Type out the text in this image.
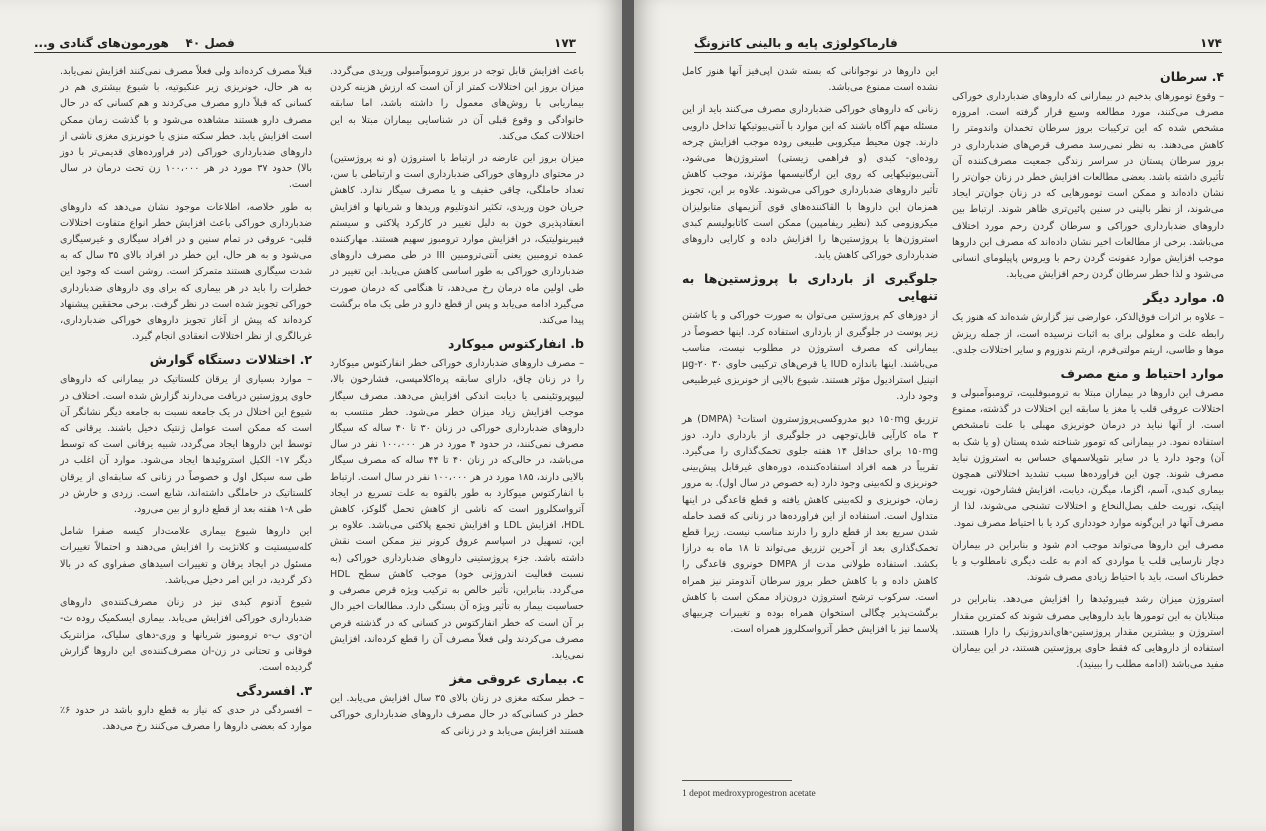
۱۷۳
فصل ۴۰    هورمون‌های گنادی و...

باعث افزایش قابل توجه در بروز ترومبوآمبولی وریدی می‌گردد. میزان بروز این اختلالات کمتر از آن است که ارزش هزینه کردن بیماریابی با روش‌های معمول را داشته باشد، اما سابقه خانوادگی و وقوع قبلی آن در شناسایی بیماران مبتلا به این اختلالات کمک می‌کند.

میزان بروز این عارضه در ارتباط با استروژن (و نه پروژستین) در محتوای داروهای خوراکی ضدبارداری است و ارتباطی با سن، تعداد حاملگی، چاقی خفیف و یا مصرف سیگار ندارد. کاهش جریان خون وریدی، تکثیر اندوتلیوم وریدها و شریانها و افزایش انعقادپذیری خون به دلیل تغییر در کارکرد پلاکتی و سیستم فیبرینولیتیک، در افزایش موارد ترومبوز سهیم هستند. مهارکننده عمده ترومبین یعنی آنتی‌ترومبین III در طی مصرف داروهای ضدبارداری خوراکی به طور اساسی کاهش می‌یابد. این تغییر در طی اولین ماه درمان رخ می‌دهد، تا هنگامی که درمان صورت می‌گیرد ادامه می‌یابد و پس از قطع دارو در طی یک ماه برگشت پیدا می‌کند.

b. انفارکتوس میوکارد

– مصرف داروهای ضدبارداری خوراکی خطر انفارکتوس میوکارد را در زنان چاق، دارای سابقه پره‌اکلامپسی، فشارخون بالا، لیپوپروتئینمی یا دیابت اندکی افزایش می‌دهد. مصرف سیگار موجب افزایش زیاد میزان خطر می‌شود. خطر منتسب به داروهای ضدبارداری خوراکی در زنان ۳۰ تا ۴۰ ساله که سیگار مصرف نمی‌کنند، در حدود ۴ مورد در هر ۱۰۰،۰۰۰ نفر در سال می‌باشد، در حالی‌که در زنان ۴۰ تا ۴۴ ساله که مصرف سیگار بالایی دارند، ۱۸۵ مورد در هر ۱۰۰،۰۰۰ نفر در سال است. ارتباط با انفارکتوس میوکارد به طور بالقوه به علت تسریع در ایجاد آترواسکلروز است که ناشی از کاهش تحمل گلوکز، کاهش HDL، افزایش LDL و افزایش تجمع پلاکتی می‌باشد. علاوه بر این، تسهیل در اسپاسم عروق کرونر نیز ممکن است نقش داشته باشد. جزء پروژستینی داروهای ضدبارداری خوراکی (به نسبت فعالیت اندروژنی خود) موجب کاهش سطح HDL می‌گردد. بنابراین، تأثیر خالص به ترکیب ویژه قرص مصرفی و حساسیت بیمار به تأثیر ویژه آن بستگی دارد. مطالعات اخیر دال بر آن است که خطر انفارکتوس در کسانی که در گذشته قرص مصرف می‌کردند ولی فعلاً مصرف آن را قطع کرده‌اند، افزایش نمی‌یابد.

c. بیماری عروقی مغز

– خطر سکته مغزی در زنان بالای ۳۵ سال افزایش می‌یابد. این خطر در کسانی‌که در حال مصرف داروهای ضدبارداری خوراکی هستند افزایش می‌یابد و در زنانی که

قبلاً مصرف کرده‌اند ولی فعلاً مصرف نمی‌کنند افزایش نمی‌یابد. به هر حال، خونریزی زیر عنکبوتیه، با شیوع بیشتری هم در کسانی که قبلاً دارو مصرف می‌کردند و هم کسانی که در حال مصرف دارو هستند مشاهده می‌شود و با گذشت زمان ممکن است افزایش یابد. خطر سکته منزی یا خونریزی مغزی ناشی از داروهای ضدبارداری خوراکی (در فراورده‌های قدیمی‌تر با دوز بالا) حدود ۳۷ مورد در هر ۱۰۰،۰۰۰ زن تحت درمان در سال است.

به طور خلاصه، اطلاعات موجود نشان می‌دهد که داروهای ضدبارداری خوراکی باعث افزایش خطر انواع متفاوت اختلالات قلبی- عروقی در تمام سنین و در افراد سیگاری و غیرسیگاری می‌شود و به هر حال، این خطر در افراد بالای ۳۵ سال که به شدت سیگاری هستند متمرکز است. روشن است که وجود این خطرات را باید در هر بیماری که برای وی داروهای ضدبارداری خوراکی تجویز شده است در نظر گرفت. برخی محققین پیشنهاد کرده‌اند که پیش از آغاز تجویز داروهای خوراکی ضدبارداری، غربالگری از نظر اختلالات انعقادی انجام گیرد.

۲. اختلالات دستگاه گوارش

– موارد بسیاری از یرقان کلستاتیک در بیمارانی که داروهای حاوی پروژستین دریافت می‌دارند گزارش شده است. اختلاف در شیوع این اختلال در یک جامعه نسبت به جامعه دیگر نشانگر آن است که ممکن است عوامل ژنتیک دخیل باشند. یرقانی که توسط این داروها ایجاد می‌گردد، شبیه یرقانی است که توسط دیگر ۱۷- الکیل استروئیدها ایجاد می‌شود. موارد آن اغلب در طی سه سیکل اول و خصوصاً در زنانی که سابقه‌ای از یرقان کلستاتیک در حاملگی داشته‌اند، شایع است. زردی و خارش در طی ۸-۱ هفته بعد از قطع دارو از بین می‌رود.

این داروها شیوع بیماری علامت‌دار کیسه صفرا شامل کله‌سیستیت و کلانژیت را افزایش می‌دهند و احتمالاً تغییرات مسئول در ایجاد یرقان و تغییرات اسیدهای صفراوی که در بالا ذکر گردید، در این امر دخیل می‌باشد.

شیوع آدنوم کبدی نیز در زنان مصرف‌کننده‌ی داروهای ضدبارداری خوراکی افزایش می‌یابد. بیماری ایسکمیک روده ث-ان-وی ب-ه ترومبوز شریانها و وری-دهای سلیاک، مزانتریک فوقانی و تحتانی در زن-ان مصرف‌کننده‌ی این داروها گزارش گردیده است.

۳. افسردگی

– افسردگی در حدی که نیاز به قطع دارو باشد در حدود ۶٪ موارد که بعضی داروها را مصرف می‌کنند رخ می‌دهد.

۱۷۴
فارماکولوژی پایه و بالینی کاتزونگ
۴. سرطان

– وقوع تومورهای بدخیم در بیمارانی که داروهای ضدبارداری خوراکی مصرف می‌کنند، مورد مطالعه وسیع قرار گرفته است. امروزه مشخص شده که این ترکیبات بروز سرطان تخمدان واندومتر را کاهش می‌دهند. به نظر نمی‌رسد مصرف قرص‌های ضدبارداری در بروز سرطان پستان در سراسر زندگی جمعیت مصرف‌کننده آن تأثیری داشته باشد. بعضی مطالعات افزایش خطر در زنان جوان‌تر را نشان داده‌اند و ممکن است تومورهایی که در زنان جوان‌تر ایجاد می‌شوند، از نظر بالینی در سنین پائین‌تری ظاهر شوند. ارتباط بین داروهای ضدبارداری خوراکی و سرطان گردن رحم مورد اختلاف می‌باشد. برخی از مطالعات اخیر نشان داده‌اند که مصرف این داروها موجب افزایش موارد عفونت گردن رحم با ویروس پاپیلومای انسانی می‌شود و لذا خطر سرطان گردن رحم افزایش می‌یابد.

۵. موارد دیگر

– علاوه بر اثرات فوق‌الذکر، عوارضی نیز گزارش شده‌اند که هنوز یک رابطه علت و معلولی برای به اثبات نرسیده است، از جمله ریزش موها و طاسی، اریتم مولتی‌فرم، اریتم ندوزوم و سایر اختلالات جلدی.

موارد احتیاط و منع مصرف

مصرف این داروها در بیماران مبتلا به ترومبوفلبیت، ترومبوآمبولی و اختلالات عروقی قلب یا مغز یا سابقه این اختلالات در گذشته، ممنوع است. از آنها نباید در درمان خونریزی مهبلی با علت نامشخص استفاده نمود. در بیمارانی که تومور شناخته شده پستان (و یا شک به آن) وجود دارد یا در سایر نئوپلاسمهای حساس به استروژن نباید مصرف شوند. چون این فراورده‌ها سبب تشدید اختلالاتی همچون بیماری کبدی، آسم، اگزما، میگرن، دیابت، افزایش فشارخون، نوریت اپتیک، نوریت خلف بصل‌النخاع و اختلالات تشنجی می‌شوند، لذا از مصرف آنها در این‌گونه موارد خودداری کرد یا با احتیاط مصرف نمود.

مصرف این داروها می‌تواند موجب ادم شود و بنابراین در بیماران دچار نارسایی قلب یا مواردی که ادم به علت دیگری نامطلوب و یا خطرناک است، باید با احتیاط زیادی مصرف شوند.

استروژن میزان رشد فیبروئیدها را افزایش می‌دهد. بنابراین در مبتلایان به این تومورها باید داروهایی مصرف شوند که کمترین مقدار استروژن و بیشترین مقدار پروژستین-های‌اندروژنیک را دارا هستند. استفاده از داروهایی که فقط حاوی پروژستین هستند، در این بیماران مفید می‌باشد (ادامه مطلب را ببینید).

این داروها در نوجوانانی که بسته شدن اپی‌فیز آنها هنوز کامل نشده است ممنوع می‌باشد.

زنانی که داروهای خوراکی ضدبارداری مصرف می‌کنند باید از این مسئله مهم آگاه باشند که این موارد با آنتی‌بیوتیکها تداخل دارویی دارند. چون محیط میکروبی طبیعی روده موجب افزایش چرخه روده‌ای- کبدی (و فراهمی زیستی) استروژن‌ها می‌شود، آنتی‌بیوتیکهایی که روی این ارگانیسمها مؤثرند، موجب کاهش تأثیر داروهای ضدبارداری خوراکی می‌شوند. علاوه بر این، تجویز همزمان این داروها با القاکننده‌های قوی آنزیمهای متابولیزان میکروزومی کبد (نظیر ریفامپین) ممکن است کاتابولیسم کبدی استروژن‌ها یا پروژستین‌ها را افزایش داده و کارایی داروهای ضدبارداری خوراکی کاهش یابد.

جلوگیری از بارداری با پروژستین‌ها به تنهایی

از دوزهای کم پروژستین می‌توان به صورت خوراکی و یا کاشتن زیر پوست در جلوگیری از بارداری استفاده کرد. اینها خصوصاً در بیمارانی که مصرف استروژن در مطلوب نیست، مناسب می‌باشند. اینها باندازه IUD یا قرص‌های ترکیبی حاوی ۳۰ µg-۲۰ اتینیل استرادیول مؤثر هستند. شیوع بالایی از خونریزی غیرطبیعی وجود دارد.

تزریق ۱۵۰mg دپو مدروکسی‌پروژسترون استات¹ (DMPA) هر ۳ ماه کارآیی قابل‌توجهی در جلوگیری از بارداری دارد. دوز ۱۵۰mg برای حداقل ۱۴ هفته جلوی تخمک‌گذاری را می‌گیرد. تقریباً در همه افراد استفاده‌کننده، دوره‌های غیرقابل پیش‌بینی خونریزی و لکه‌بینی وجود دارد (به خصوص در سال اول). به مرور زمان، خونریزی و لکه‌بینی کاهش یافته و قطع قاعدگی در اینها متداول است. استفاده از این فراورده‌ها در زنانی که قصد حامله شدن سریع بعد از قطع دارو را دارند مناسب نیست. زیرا قطع تخمک‌گذاری بعد از آخرین تزریق می‌تواند تا ۱۸ ماه به درازا بکشد. استفاده طولانی مدت از DMPA خونروی قاعدگی را کاهش داده و با کاهش خطر بروز سرطان آندومتر نیز همراه است. سرکوب ترشح استروژن درون‌زاد ممکن است با کاهش برگشت‌پذیر چگالی استخوان همراه بوده و تغییرات چربیهای پلاسما نیز با افزایش خطر آترواسکلروز همراه است.

1 depot medroxyprogestron acetate
